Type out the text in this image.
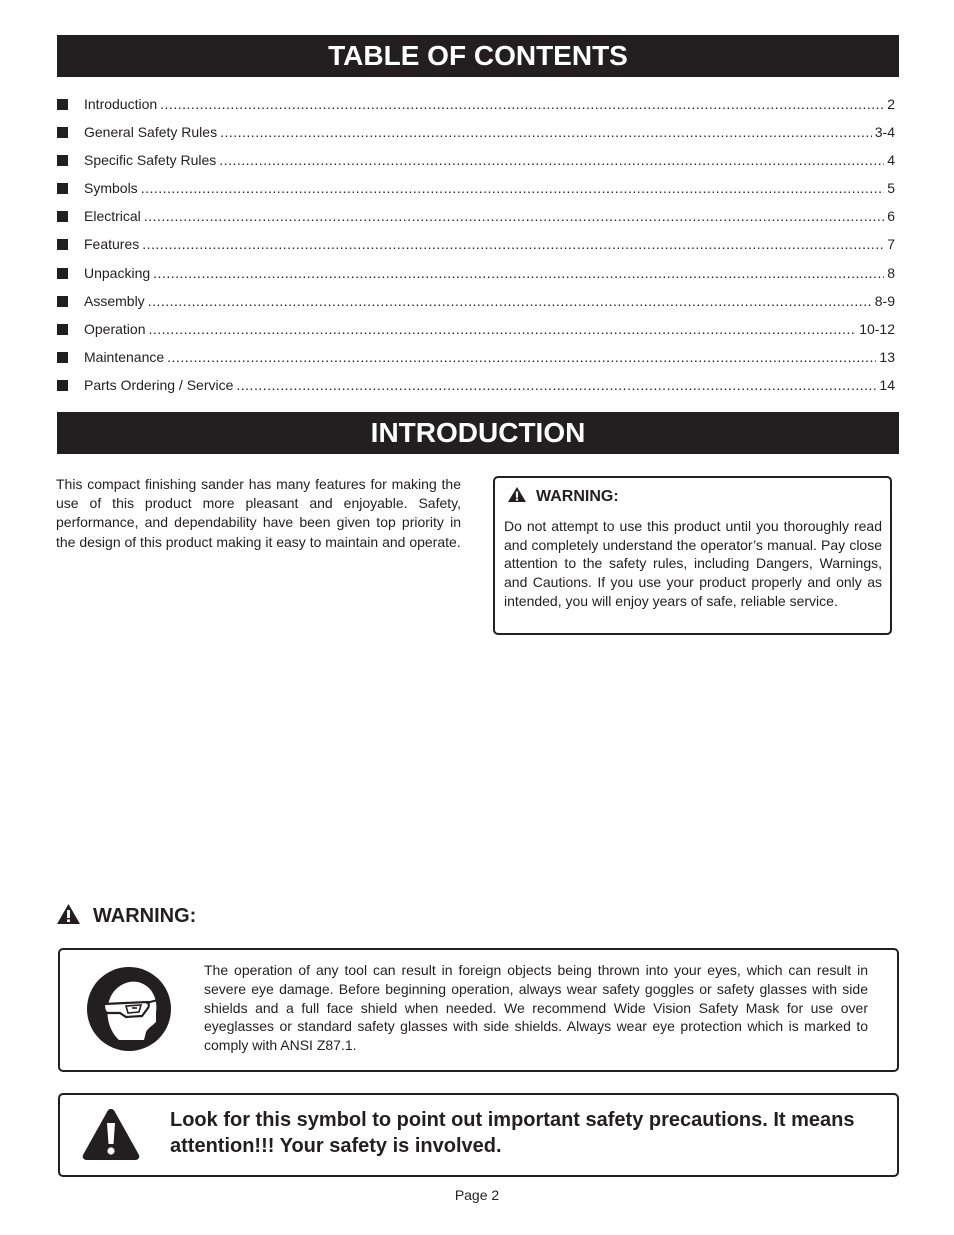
TABLE OF CONTENTS
Introduction .....	2
General Safety Rules .....	3-4
Specific Safety Rules .....	4
Symbols .....	5
Electrical .....	6
Features .....	7
Unpacking .....	8
Assembly .....	8-9
Operation .....	10-12
Maintenance .....	13
Parts Ordering / Service .....	14
INTRODUCTION

This compact finishing sander has many features for making the use of this product more pleasant and enjoyable. Safety, performance, and dependability have been given top priority in the design of this product making it easy to maintain and operate.

WARNING:

Do not attempt to use this product until you thoroughly read and completely understand the operator’s manual. Pay close attention to the safety rules, including Dangers, Warnings, and Cautions. If you use your product properly and only as intended, you will enjoy years of safe, reliable service.

WARNING:

The operation of any tool can result in foreign objects being thrown into your eyes, which can result in severe eye damage. Before beginning operation, always wear safety goggles or safety glasses with side shields and a full face shield when needed. We recommend Wide Vision Safety Mask for use over eyeglasses or standard safety glasses with side shields. Always wear eye protection which is marked to comply with ANSI Z87.1.

Look for this symbol to point out important safety precautions. It means attention!!! Your safety is involved.

Page 2
